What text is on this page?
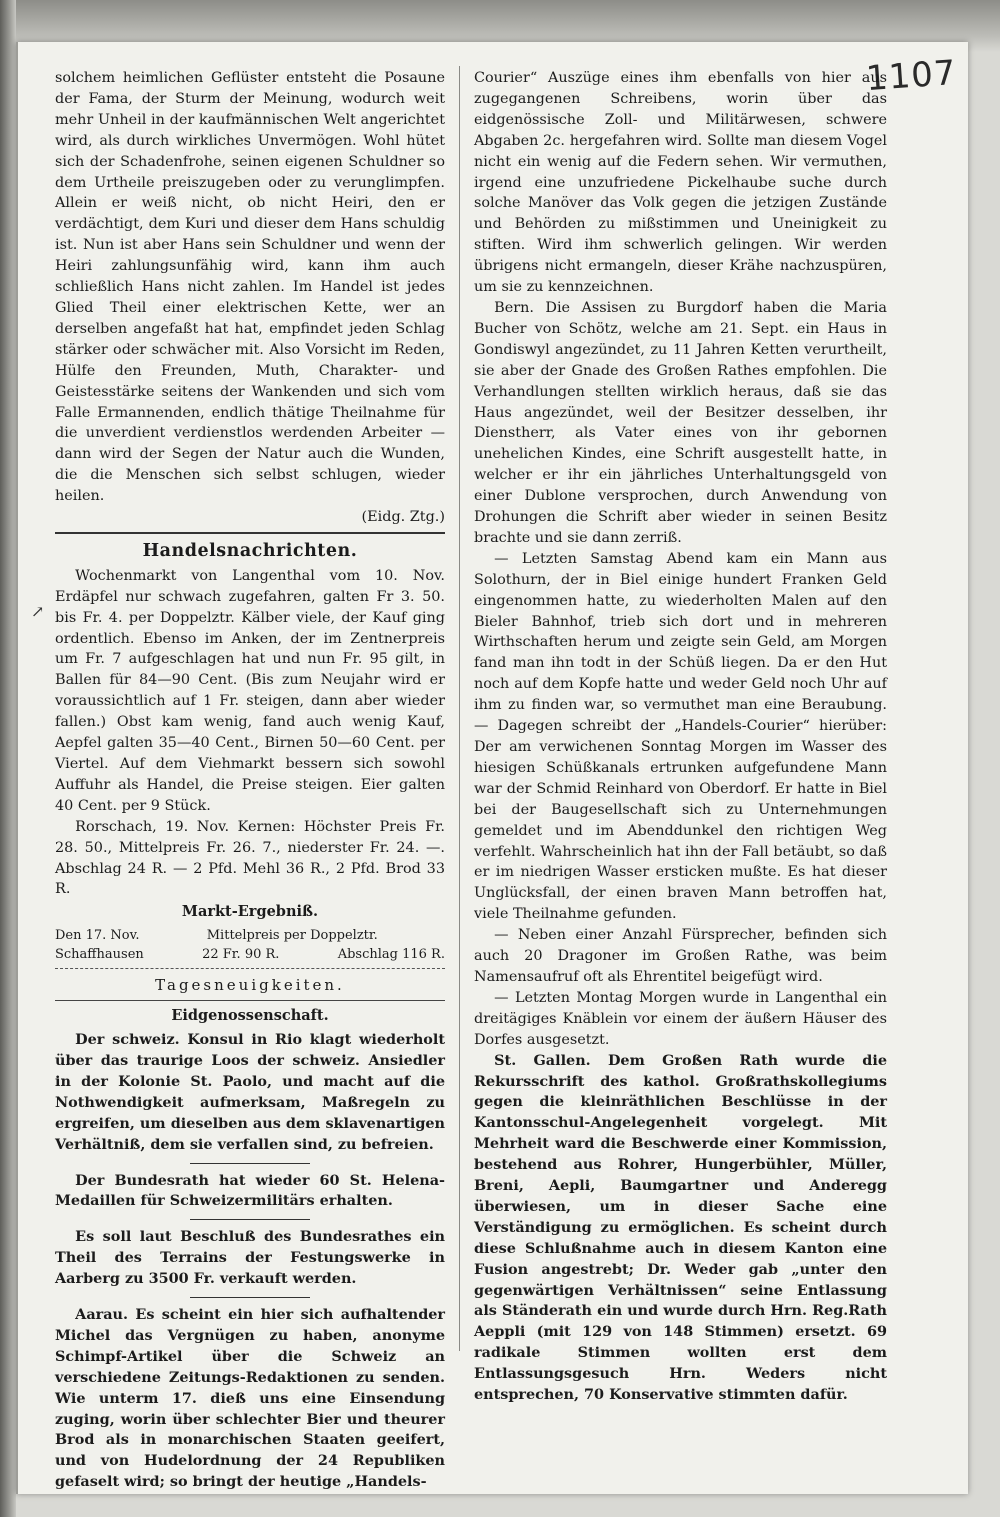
1107
↗

solchem heimlichen Geflüster entsteht die Posaune der Fama, der Sturm der Meinung, wodurch weit mehr Unheil in der kaufmännischen Welt angerichtet wird, als durch wirkliches Unvermögen. Wohl hütet sich der Schadenfrohe, seinen eigenen Schuldner so dem Urtheile preiszugeben oder zu verunglimpfen. Allein er weiß nicht, ob nicht Heiri, den er verdächtigt, dem Kuri und dieser dem Hans schuldig ist. Nun ist aber Hans sein Schuldner und wenn der Heiri zahlungsunfähig wird, kann ihm auch schließlich Hans nicht zahlen. Im Handel ist jedes Glied Theil einer elektrischen Kette, wer an derselben angefaßt hat hat, empfindet jeden Schlag stärker oder schwächer mit. Also Vorsicht im Reden, Hülfe den Freunden, Muth, Charakter- und Geistesstärke seitens der Wankenden und sich vom Falle Ermannenden, endlich thätige Theilnahme für die unverdient verdienstlos werdenden Arbeiter — dann wird der Segen der Natur auch die Wunden, die die Menschen sich selbst schlugen, wieder heilen.

(Eidg. Ztg.)

Handelsnachrichten.

Wochenmarkt von Langenthal vom 10. Nov. Erdäpfel nur schwach zugefahren, galten Fr 3. 50. bis Fr. 4. per Doppelztr. Kälber viele, der Kauf ging ordentlich. Ebenso im Anken, der im Zentnerpreis um Fr. 7 aufgeschlagen hat und nun Fr. 95 gilt, in Ballen für 84—90 Cent. (Bis zum Neujahr wird er voraussichtlich auf 1 Fr. steigen, dann aber wieder fallen.) Obst kam wenig, fand auch wenig Kauf, Aepfel galten 35—40 Cent., Birnen 50—60 Cent. per Viertel. Auf dem Viehmarkt bessern sich sowohl Auffuhr als Handel, die Preise steigen. Eier galten 40 Cent. per 9 Stück.

Rorschach, 19. Nov. Kernen: Höchster Preis Fr. 28. 50., Mittelpreis Fr. 26. 7., niederster Fr. 24. —. Abschlag 24 R. — 2 Pfd. Mehl 36 R., 2 Pfd. Brod 33 R.

Markt-Ergebniß.
Den 17. Nov.	Mittelpreis per Doppelztr.
Schaffhausen	22 Fr. 90 R.	Abschlag 116 R.
Tagesneuigkeiten.
Eidgenossenschaft.

Der schweiz. Konsul in Rio klagt wiederholt über das traurige Loos der schweiz. Ansiedler in der Kolonie St. Paolo, und macht auf die Nothwendigkeit aufmerksam, Maßregeln zu ergreifen, um dieselben aus dem sklavenartigen Verhältniß, dem sie verfallen sind, zu befreien.

Der Bundesrath hat wieder 60 St. Helena-Medaillen für Schweizermilitärs erhalten.

Es soll laut Beschluß des Bundesrathes ein Theil des Terrains der Festungswerke in Aarberg zu 3500 Fr. verkauft werden.

Aarau. Es scheint ein hier sich aufhaltender Michel das Vergnügen zu haben, anonyme Schimpf-Artikel über die Schweiz an verschiedene Zeitungs-Redaktionen zu senden. Wie unterm 17. dieß uns eine Einsendung zuging, worin über schlechter Bier und theurer Brod als in monarchischen Staaten geeifert, und von Hudelordnung der 24 Republiken gefaselt wird; so bringt der heutige „Handels-

Courier“ Auszüge eines ihm ebenfalls von hier aus zugegangenen Schreibens, worin über das eidgenössische Zoll- und Militärwesen, schwere Abgaben 2c. hergefahren wird. Sollte man diesem Vogel nicht ein wenig auf die Federn sehen. Wir vermuthen, irgend eine unzufriedene Pickelhaube suche durch solche Manöver das Volk gegen die jetzigen Zustände und Behörden zu mißstimmen und Uneinigkeit zu stiften. Wird ihm schwerlich gelingen. Wir werden übrigens nicht ermangeln, dieser Krähe nachzuspüren, um sie zu kennzeichnen.

Bern. Die Assisen zu Burgdorf haben die Maria Bucher von Schötz, welche am 21. Sept. ein Haus in Gondiswyl angezündet, zu 11 Jahren Ketten verurtheilt, sie aber der Gnade des Großen Rathes empfohlen. Die Verhandlungen stellten wirklich heraus, daß sie das Haus angezündet, weil der Besitzer desselben, ihr Dienstherr, als Vater eines von ihr gebornen unehelichen Kindes, eine Schrift ausgestellt hatte, in welcher er ihr ein jährliches Unterhaltungsgeld von einer Dublone versprochen, durch Anwendung von Drohungen die Schrift aber wieder in seinen Besitz brachte und sie dann zerriß.

— Letzten Samstag Abend kam ein Mann aus Solothurn, der in Biel einige hundert Franken Geld eingenommen hatte, zu wiederholten Malen auf den Bieler Bahnhof, trieb sich dort und in mehreren Wirthschaften herum und zeigte sein Geld, am Morgen fand man ihn todt in der Schüß liegen. Da er den Hut noch auf dem Kopfe hatte und weder Geld noch Uhr auf ihm zu finden war, so vermuthet man eine Beraubung. — Dagegen schreibt der „Handels-Courier“ hierüber: Der am verwichenen Sonntag Morgen im Wasser des hiesigen Schüßkanals ertrunken aufgefundene Mann war der Schmid Reinhard von Oberdorf. Er hatte in Biel bei der Baugesellschaft sich zu Unternehmungen gemeldet und im Abenddunkel den richtigen Weg verfehlt. Wahrscheinlich hat ihn der Fall betäubt, so daß er im niedrigen Wasser ersticken mußte. Es hat dieser Unglücksfall, der einen braven Mann betroffen hat, viele Theilnahme gefunden.

— Neben einer Anzahl Fürsprecher, befinden sich auch 20 Dragoner im Großen Rathe, was beim Namensaufruf oft als Ehrentitel beigefügt wird.

— Letzten Montag Morgen wurde in Langenthal ein dreitägiges Knäblein vor einem der äußern Häuser des Dorfes ausgesetzt.

St. Gallen. Dem Großen Rath wurde die Rekursschrift des kathol. Großrathskollegiums gegen die kleinräthlichen Beschlüsse in der Kantonsschul-Angelegenheit vorgelegt. Mit Mehrheit ward die Beschwerde einer Kommission, bestehend aus Rohrer, Hungerbühler, Müller, Breni, Aepli, Baumgartner und Anderegg überwiesen, um in dieser Sache eine Verständigung zu ermöglichen. Es scheint durch diese Schlußnahme auch in diesem Kanton eine Fusion angestrebt; Dr. Weder gab „unter den gegenwärtigen Verhältnissen“ seine Entlassung als Ständerath ein und wurde durch Hrn. Reg.Rath Aeppli (mit 129 von 148 Stimmen) ersetzt. 69 radikale Stimmen wollten erst dem Entlassungsgesuch Hrn. Weders nicht entsprechen, 70 Konservative stimmten dafür.
